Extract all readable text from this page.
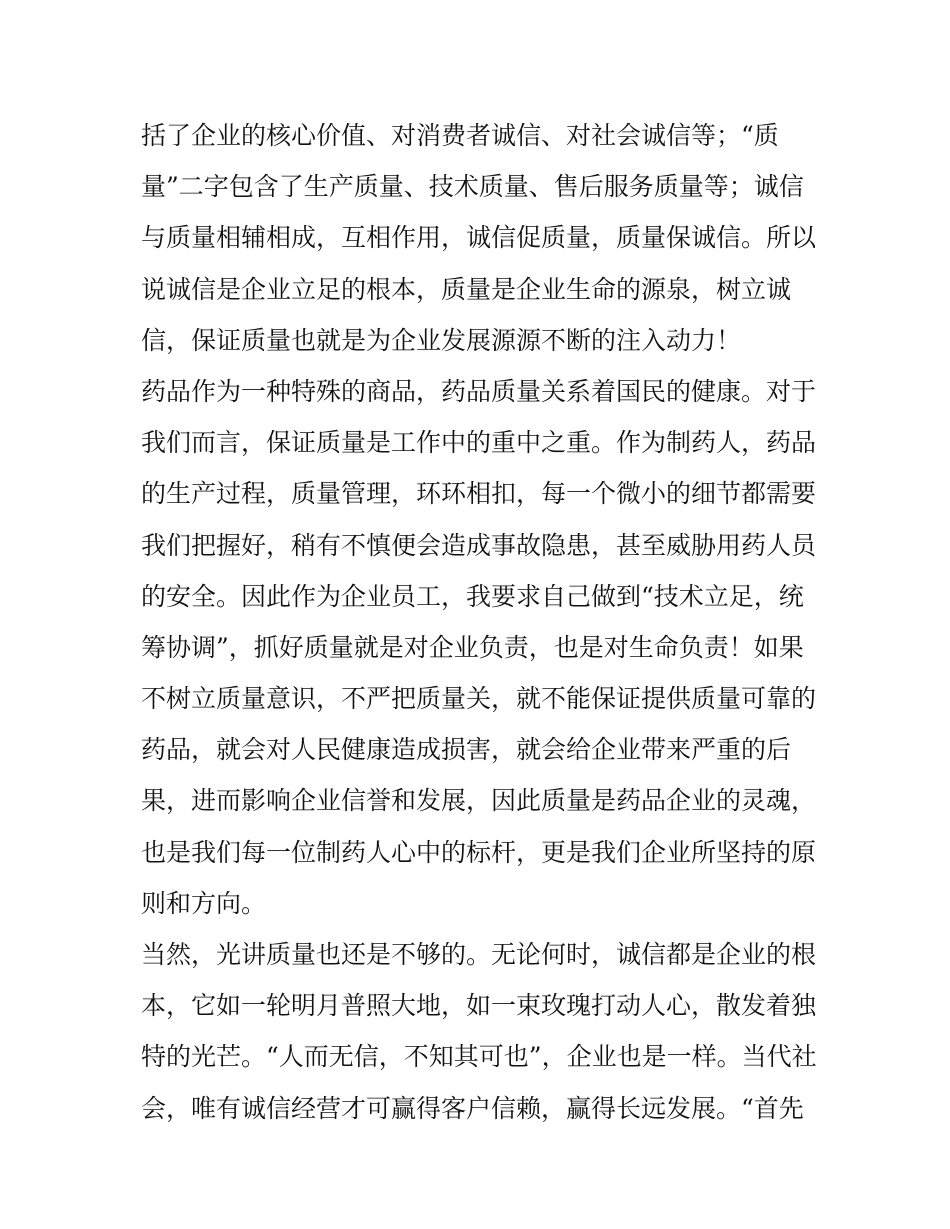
括了企业的核心价值、对消费者诚信、对社会诚信等；“质
量”二字包含了生产质量、技术质量、售后服务质量等；诚信
与质量相辅相成，互相作用，诚信促质量，质量保诚信。所以
说诚信是企业立足的根本，质量是企业生命的源泉，树立诚
信，保证质量也就是为企业发展源源不断的注入动力！
药品作为一种特殊的商品，药品质量关系着国民的健康。对于
我们而言，保证质量是工作中的重中之重。作为制药人，药品
的生产过程，质量管理，环环相扣，每一个微小的细节都需要
我们把握好，稍有不慎便会造成事故隐患，甚至威胁用药人员
的安全。因此作为企业员工，我要求自己做到“技术立足，统
筹协调”，抓好质量就是对企业负责，也是对生命负责！如果
不树立质量意识，不严把质量关，就不能保证提供质量可靠的
药品，就会对人民健康造成损害，就会给企业带来严重的后
果，进而影响企业信誉和发展，因此质量是药品企业的灵魂，
也是我们每一位制药人心中的标杆，更是我们企业所坚持的原
则和方向。
当然，光讲质量也还是不够的。无论何时，诚信都是企业的根
本，它如一轮明月普照大地，如一束玫瑰打动人心，散发着独
特的光芒。“人而无信，不知其可也”，企业也是一样。当代社
会，唯有诚信经营才可赢得客户信赖，赢得长远发展。“首先
